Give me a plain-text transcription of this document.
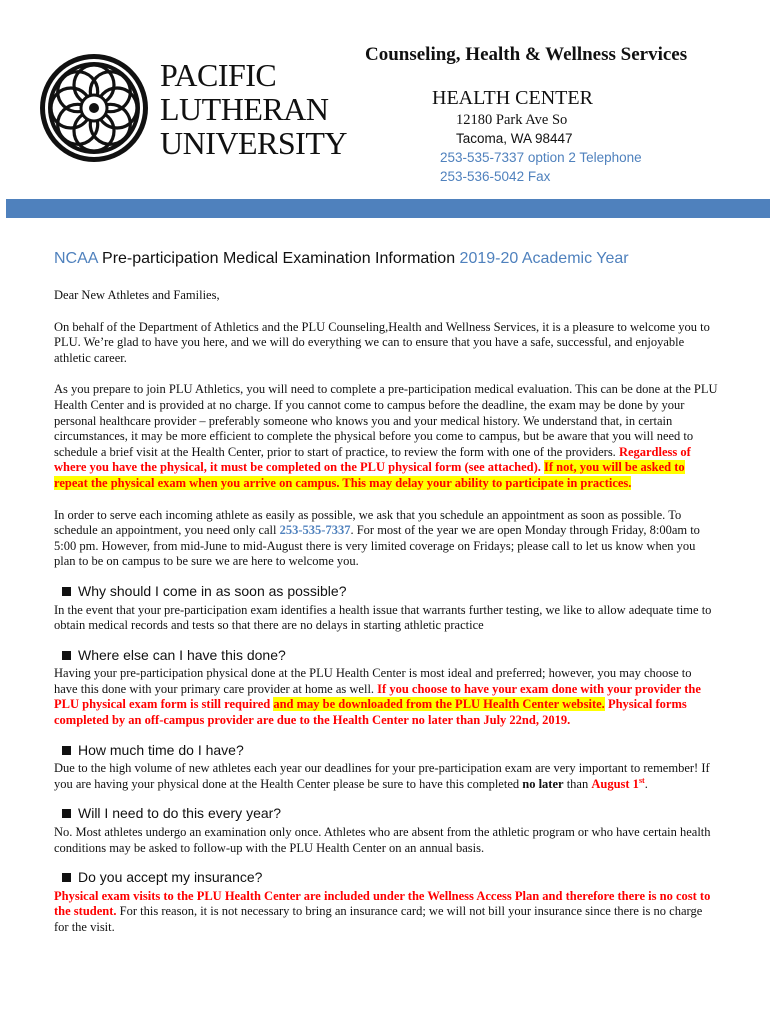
PACIFIC
LUTHERAN
UNIVERSITY
Counseling, Health & Wellness Services
HEALTH CENTER
12180 Park Ave So
Tacoma, WA 98447
253-535-7337 option 2 Telephone
253-536-5042 Fax
NCAA Pre-participation Medical Examination Information 2019-20 Academic Year

Dear New Athletes and Families,

On behalf of the Department of Athletics and the PLU Counseling,Health and Wellness Services, it is a pleasure to welcome you to PLU. We’re glad to have you here, and we will do everything we can to ensure that you have a safe, successful, and enjoyable athletic career.

As you prepare to join PLU Athletics, you will need to complete a pre-participation medical evaluation. This can be done at the PLU Health Center and is provided at no charge. If you cannot come to campus before the deadline, the exam may be done by your personal healthcare provider – preferably someone who knows you and your medical history. We understand that, in certain circumstances, it may be more efficient to complete the physical before you come to campus, but be aware that you will need to schedule a brief visit at the Health Center, prior to start of practice, to review the form with one of the providers. Regardless of where you have the physical, it must be completed on the PLU physical form (see attached). If not, you will be asked to repeat the physical exam when you arrive on campus. This may delay your ability to participate in practices.

In order to serve each incoming athlete as easily as possible, we ask that you schedule an appointment as soon as possible. To schedule an appointment, you need only call 253-535-7337. For most of the year we are open Monday through Friday, 8:00am to 5:00 pm. However, from mid-June to mid-August there is very limited coverage on Fridays; please call to let us know when you plan to be on campus to be sure we are here to welcome you.

Why should I come in as soon as possible?

In the event that your pre-participation exam identifies a health issue that warrants further testing, we like to allow adequate time to obtain medical records and tests so that there are no delays in starting athletic practice

Where else can I have this done?

Having your pre-participation physical done at the PLU Health Center is most ideal and preferred; however, you may choose to have this done with your primary care provider at home as well. If you choose to have your exam done with your provider the PLU physical exam form is still required and may be downloaded from the PLU Health Center website. Physical forms completed by an off-campus provider are due to the Health Center no later than July 22nd, 2019.

How much time do I have?

Due to the high volume of new athletes each year our deadlines for your pre-participation exam are very important to remember! If you are having your physical done at the Health Center please be sure to have this completed no later than August 1st.

Will I need to do this every year?

No. Most athletes undergo an examination only once. Athletes who are absent from the athletic program or who have certain health conditions may be asked to follow-up with the PLU Health Center on an annual basis.

Do you accept my insurance?

Physical exam visits to the PLU Health Center are included under the Wellness Access Plan and therefore there is no cost to the student. For this reason, it is not necessary to bring an insurance card; we will not bill your insurance since there is no charge for the visit.
